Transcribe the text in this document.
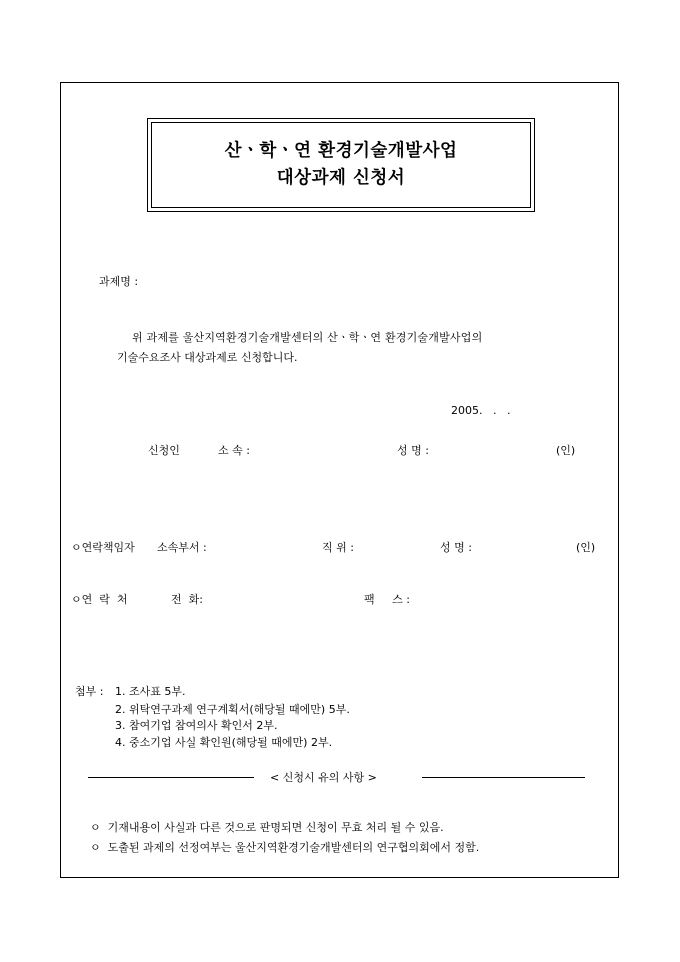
산ㆍ학ㆍ연 환경기술개발사업
대상과제 신청서
과제명 :
위 과제를 울산지역환경기술개발센터의 산ㆍ학ㆍ연 환경기술개발사업의
기술수요조사 대상과제로 신청합니다.
2005.   .   .
신청인	소 속 :	성 명 :	(인)
ㅇ연락책임자 소속부서 :	직 위 :	성 명 :	(인)
ㅇ연  락  처	전  화:	팩     스 :
첨부 : 1. 조사표 5부.
2. 위탁연구과제 연구계획서(해당될 때에만) 5부.
3. 참여기업 참여의사 확인서 2부.
4. 중소기업 사실 확인원(해당될 때에만) 2부.
< 신청시 유의 사항 >
ㅇ  기재내용이 사실과 다른 것으로 판명되면 신청이 무효 처리 될 수 있음.
ㅇ  도출된 과제의 선정여부는 울산지역환경기술개발센터의 연구협의회에서 정함.
